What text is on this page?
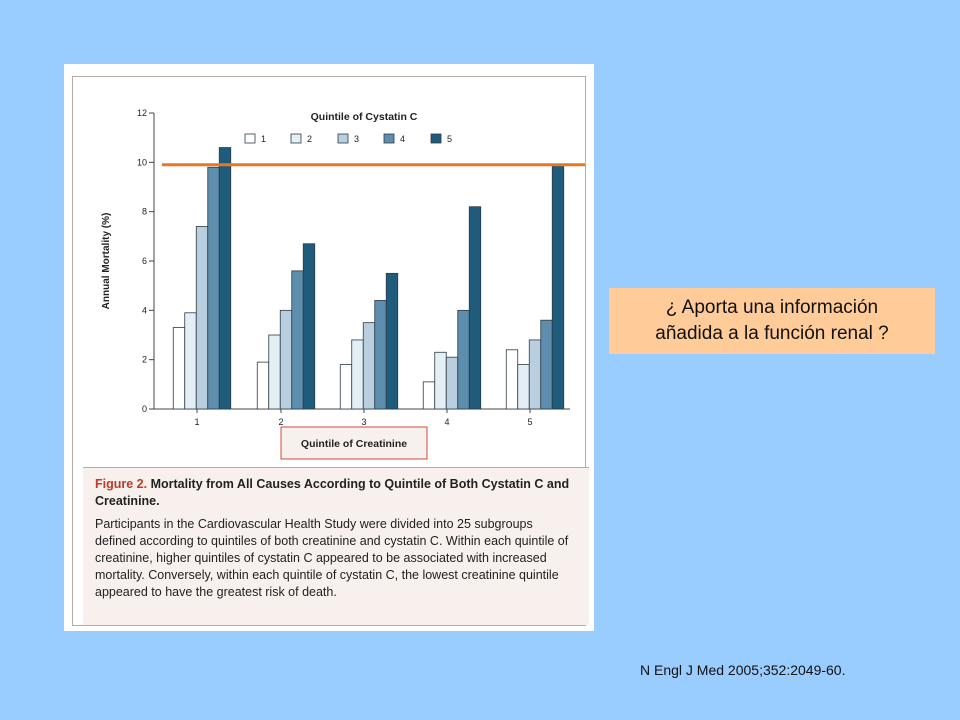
0
2
4
6
8
10
12
Annual Mortality (%)
1	2	3	4	5
Quintile of Creatinine
Quintile of Cystatin C
1	2	3	4	5

Figure 2. Mortality from All Causes According to Quintile of Both Cystatin C and Creatinine.

Participants in the Cardiovascular Health Study were divided into 25 subgroups defined according to quintiles of both creatinine and cystatin C. Within each quintile of creatinine, higher quintiles of cystatin C appeared to be associated with increased mortality. Conversely, within each quintile of cystatin C, the lowest creatinine quintile appeared to have the greatest risk of death.

¿ Aporta una información
añadida a la función renal ?
N Engl J Med 2005;352:2049-60.
